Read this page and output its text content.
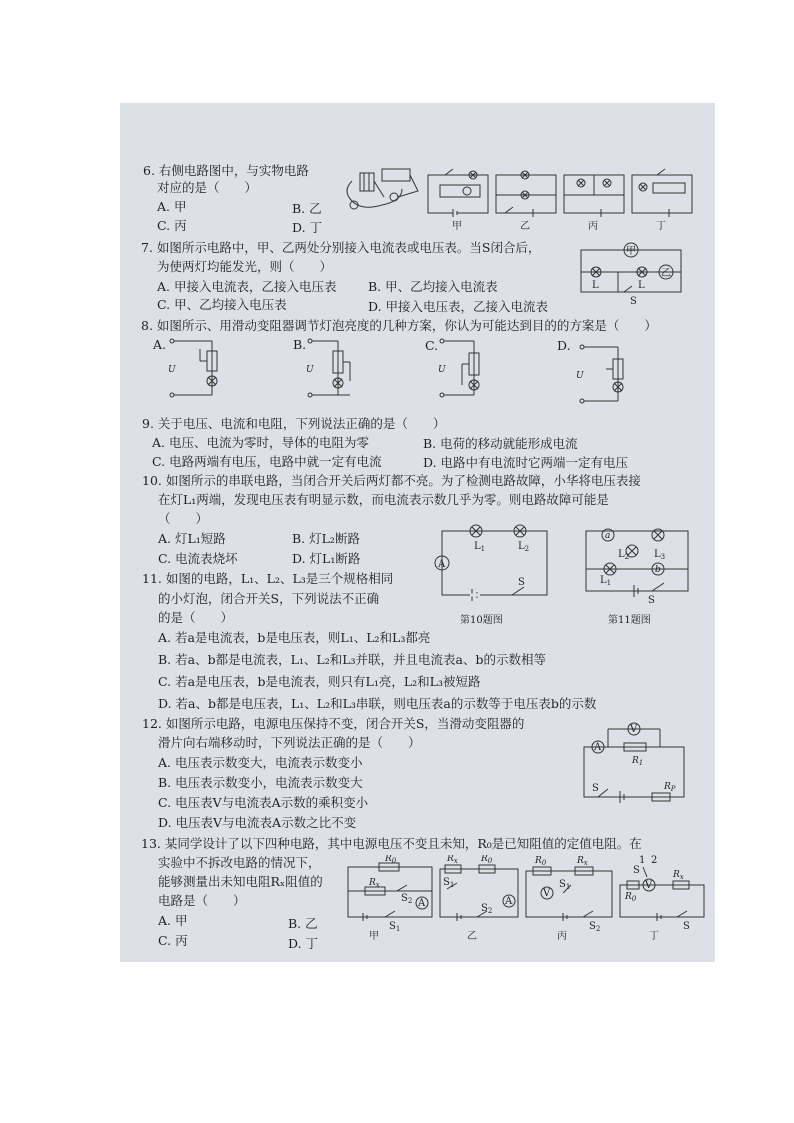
6. 右侧电路图中，与实物电路
对应的是（　　）
A. 甲	B. 乙
C. 丙	D. 丁	甲	乙	丙	丁
7. 如图所示电路中，甲、乙两处分别接入电流表或电压表。当S闭合后，
为使两灯均能发光，则（　　）
A. 甲接入电流表，乙接入电压表	B. 甲、乙均接入电流表
C. 甲、乙均接入电压表	D. 甲接入电压表，乙接入电流表
甲
乙
L	L
S
8. 如图所示、用滑动变阻器调节灯泡亮度的几种方案，你认为可能达到目的的方案是（　　）
A.	B.	C.	D.
U	U	U
U
9. 关于电压、电流和电阻，下列说法正确的是（　　）
A. 电压、电流为零时，导体的电阻为零	B. 电荷的移动就能形成电流
C. 电路两端有电压，电路中就一定有电流	D. 电路中有电流时它两端一定有电压
10. 如图所示的串联电路，当闭合开关后两灯都不亮。为了检测电路故障，小华将电压表接
在灯L₁两端，发现电压表有明显示数，而电流表示数几乎为零。则电路故障可能是
（　　）
A. 灯L₁短路	B. 灯L₂断路
C. 电流表烧坏	D. 灯L₁断路
$L_1$	$L_2$
A
S
第10题图
a
$L_2$ $L_3$
$L_1$
b
S
第11题图
11. 如图的电路，L₁、L₂、L₃是三个规格相同
的小灯泡，闭合开关S，下列说法不正确
的是（　　）
A. 若a是电流表，b是电压表，则L₁、L₂和L₃都亮
B. 若a、b都是电流表，L₁、L₂和L₃并联，并且电流表a、b的示数相等
C. 若a是电压表，b是电流表，则只有L₁亮，L₂和L₃被短路
D. 若a、b都是电压表，L₁、L₂和L₃串联，则电压表a的示数等于电压表b的示数
12. 如图所示电路，电源电压保持不变，闭合开关S，当滑动变阻器的
滑片向右端移动时，下列说法正确的是（　　）
A. 电压表示数变大，电流表示数变小
B. 电压表示数变小，电流表示数变大
C. 电压表V与电流表A示数的乘积变小
D. 电压表V与电流表A示数之比不变
V
A
$R_1$
S	$R_P$
13. 某同学设计了以下四种电路，其中电源电压不变且未知，R₀是已知阻值的定值电阻。在
实验中不拆改电路的情况下，
能够测量出未知电阻Rₓ阻值的
电路是（　　）
A. 甲	B. 乙
C. 丙	D. 丁
$R_0$
$R_x$
$S_2$ A
$S_1$
甲
$R_x$	$R_0$
$S_1$
A
$S_2$
乙
$R_0$	$R_x$
V
$S_1$
$S_2$
丙
1 2
S
V
$R_0$
$R_x$
S
丁
